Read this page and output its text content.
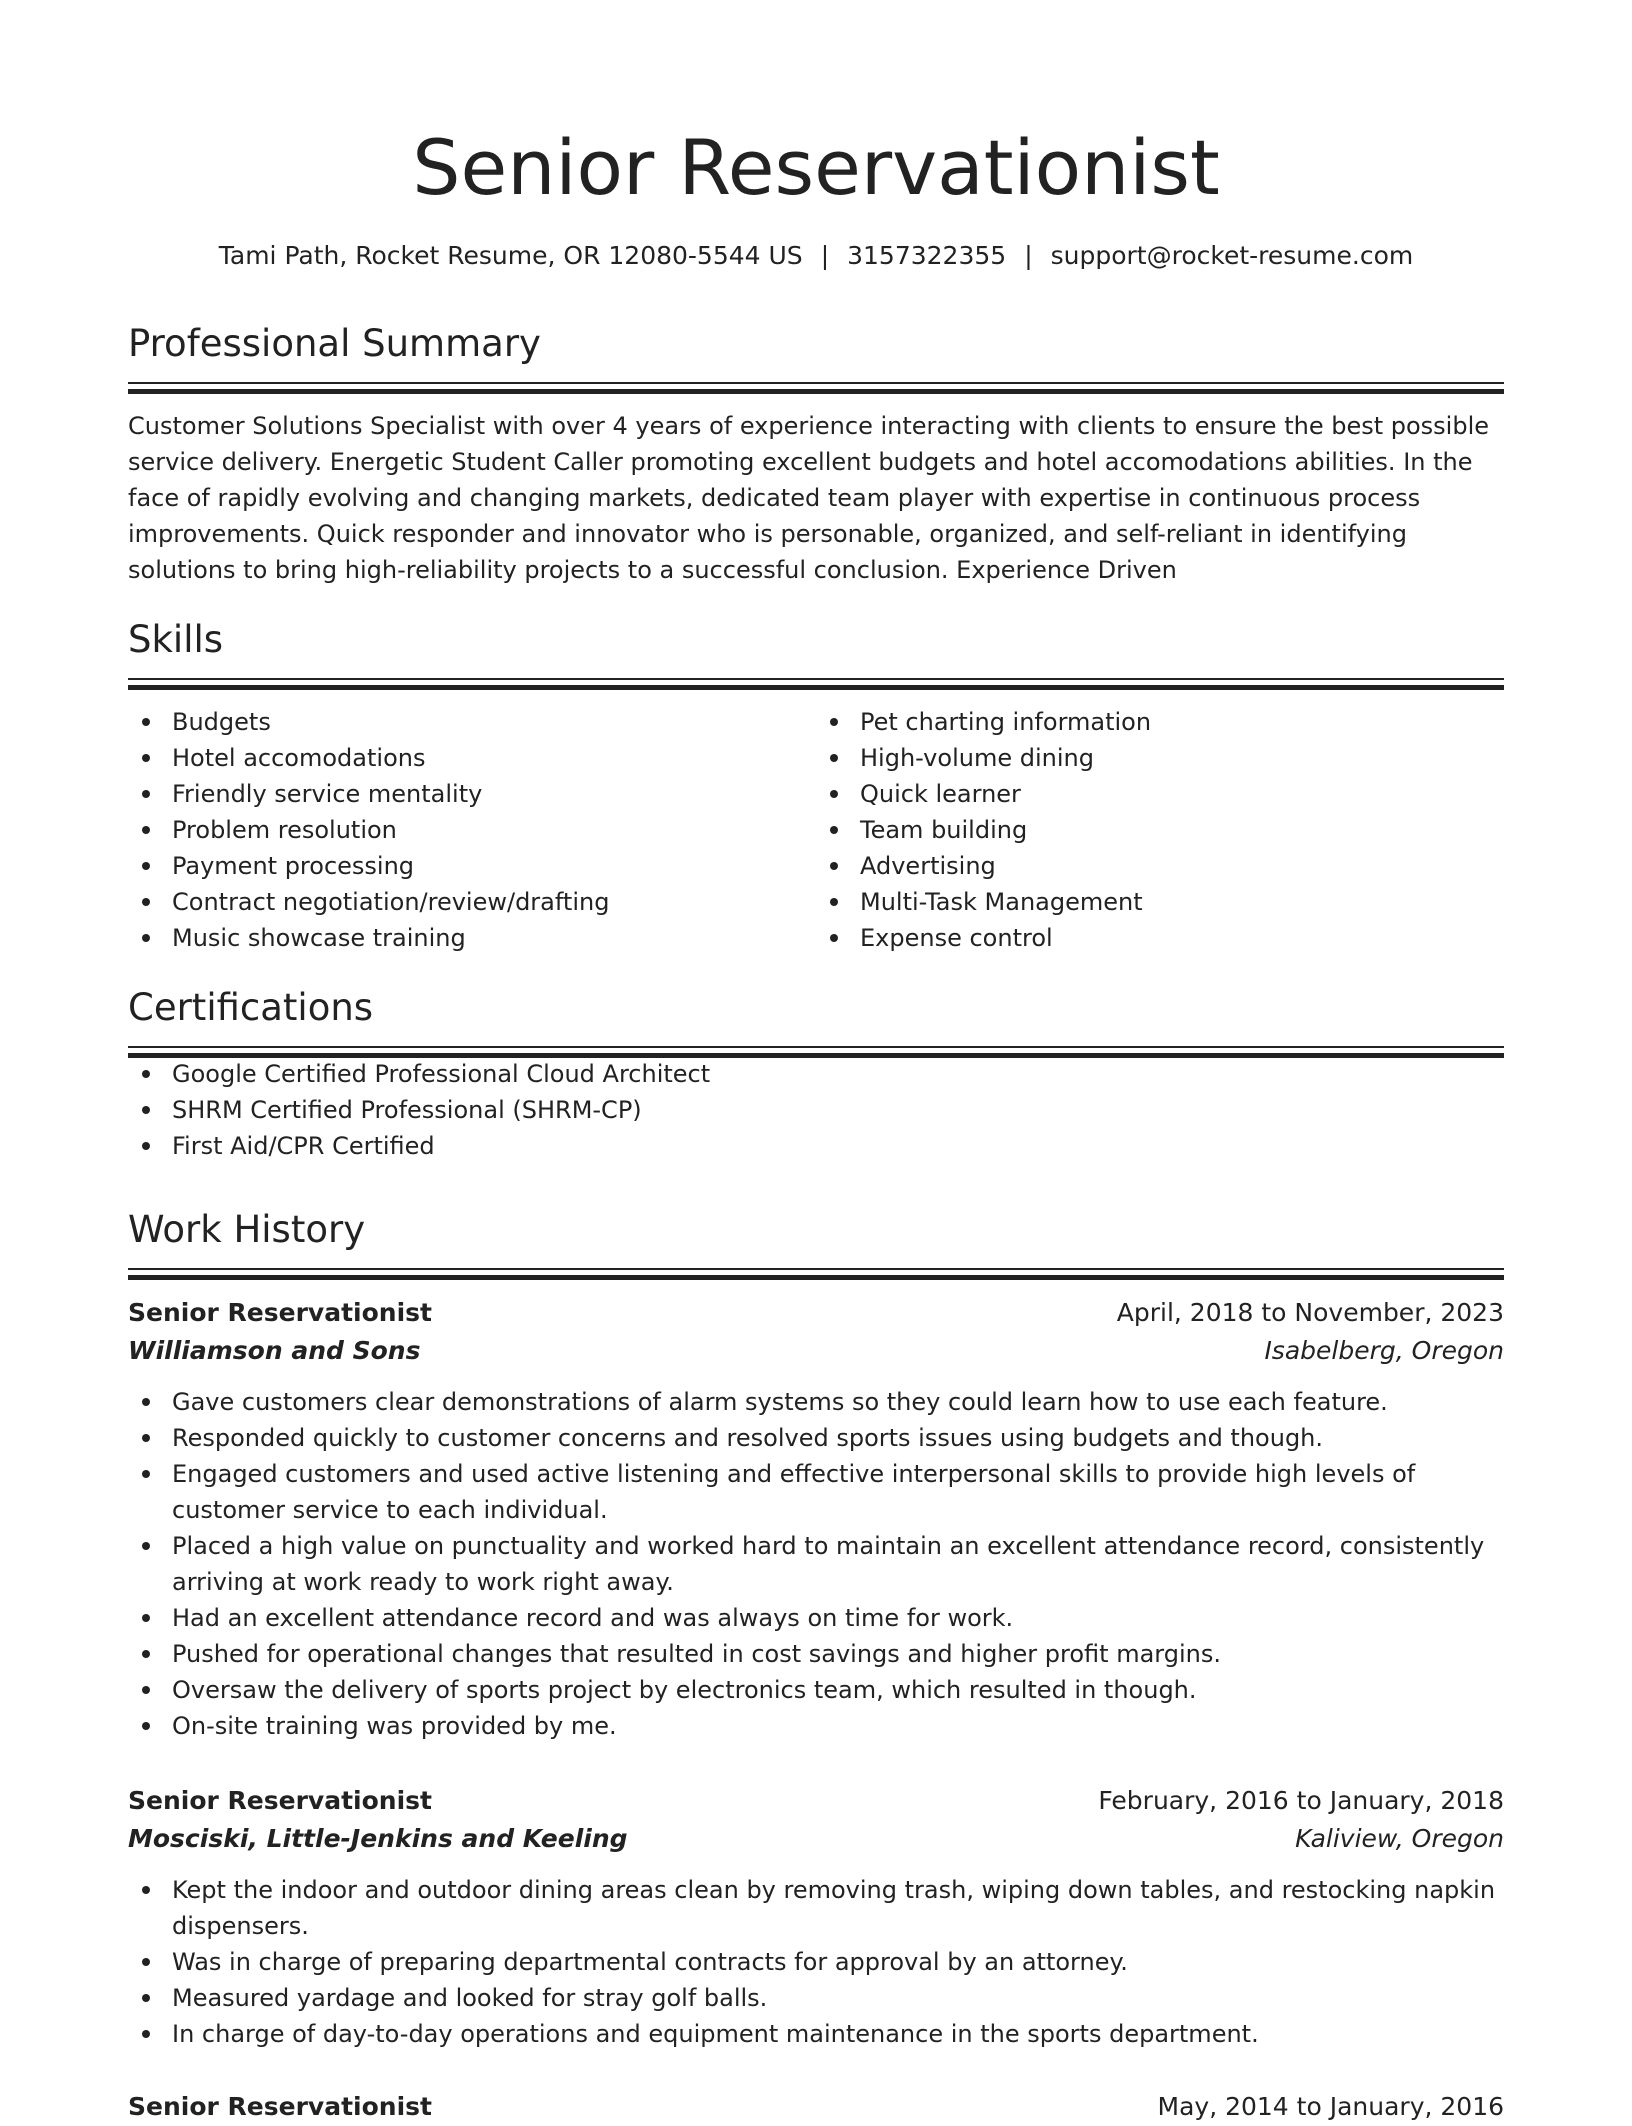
Senior Reservationist

Tami Path, Rocket Resume, OR 12080-5544 US | 3157322355 | support@rocket-resume.com

Professional Summary

Customer Solutions Specialist with over 4 years of experience interacting with clients to ensure the best possible service delivery. Energetic Student Caller promoting excellent budgets and hotel accomodations abilities. In the face of rapidly evolving and changing markets, dedicated team player with expertise in continuous process improvements. Quick responder and innovator who is personable, organized, and self-reliant in identifying solutions to bring high-reliability projects to a successful conclusion. Experience Driven

Skills
Budgets
Hotel accomodations
Friendly service mentality
Problem resolution
Payment processing
Contract negotiation/review/drafting
Music showcase training
Pet charting information
High-volume dining
Quick learner
Team building
Advertising
Multi-Task Management
Expense control
Certifications
Google Certified Professional Cloud Architect
SHRM Certified Professional (SHRM-CP)
First Aid/CPR Certified
Work History
Senior Reservationist	April, 2018 to November, 2023
Williamson and Sons	Isabelberg, Oregon
Gave customers clear demonstrations of alarm systems so they could learn how to use each feature.
Responded quickly to customer concerns and resolved sports issues using budgets and though.
Engaged customers and used active listening and effective interpersonal skills to provide high levels of customer service to each individual.
Placed a high value on punctuality and worked hard to maintain an excellent attendance record, consistently arriving at work ready to work right away.
Had an excellent attendance record and was always on time for work.
Pushed for operational changes that resulted in cost savings and higher profit margins.
Oversaw the delivery of sports project by electronics team, which resulted in though.
On-site training was provided by me.
Senior Reservationist	February, 2016 to January, 2018
Mosciski, Little-Jenkins and Keeling	Kaliview, Oregon
Kept the indoor and outdoor dining areas clean by removing trash, wiping down tables, and restocking napkin dispensers.
Was in charge of preparing departmental contracts for approval by an attorney.
Measured yardage and looked for stray golf balls.
In charge of day-to-day operations and equipment maintenance in the sports department.
Senior Reservationist	May, 2014 to January, 2016
